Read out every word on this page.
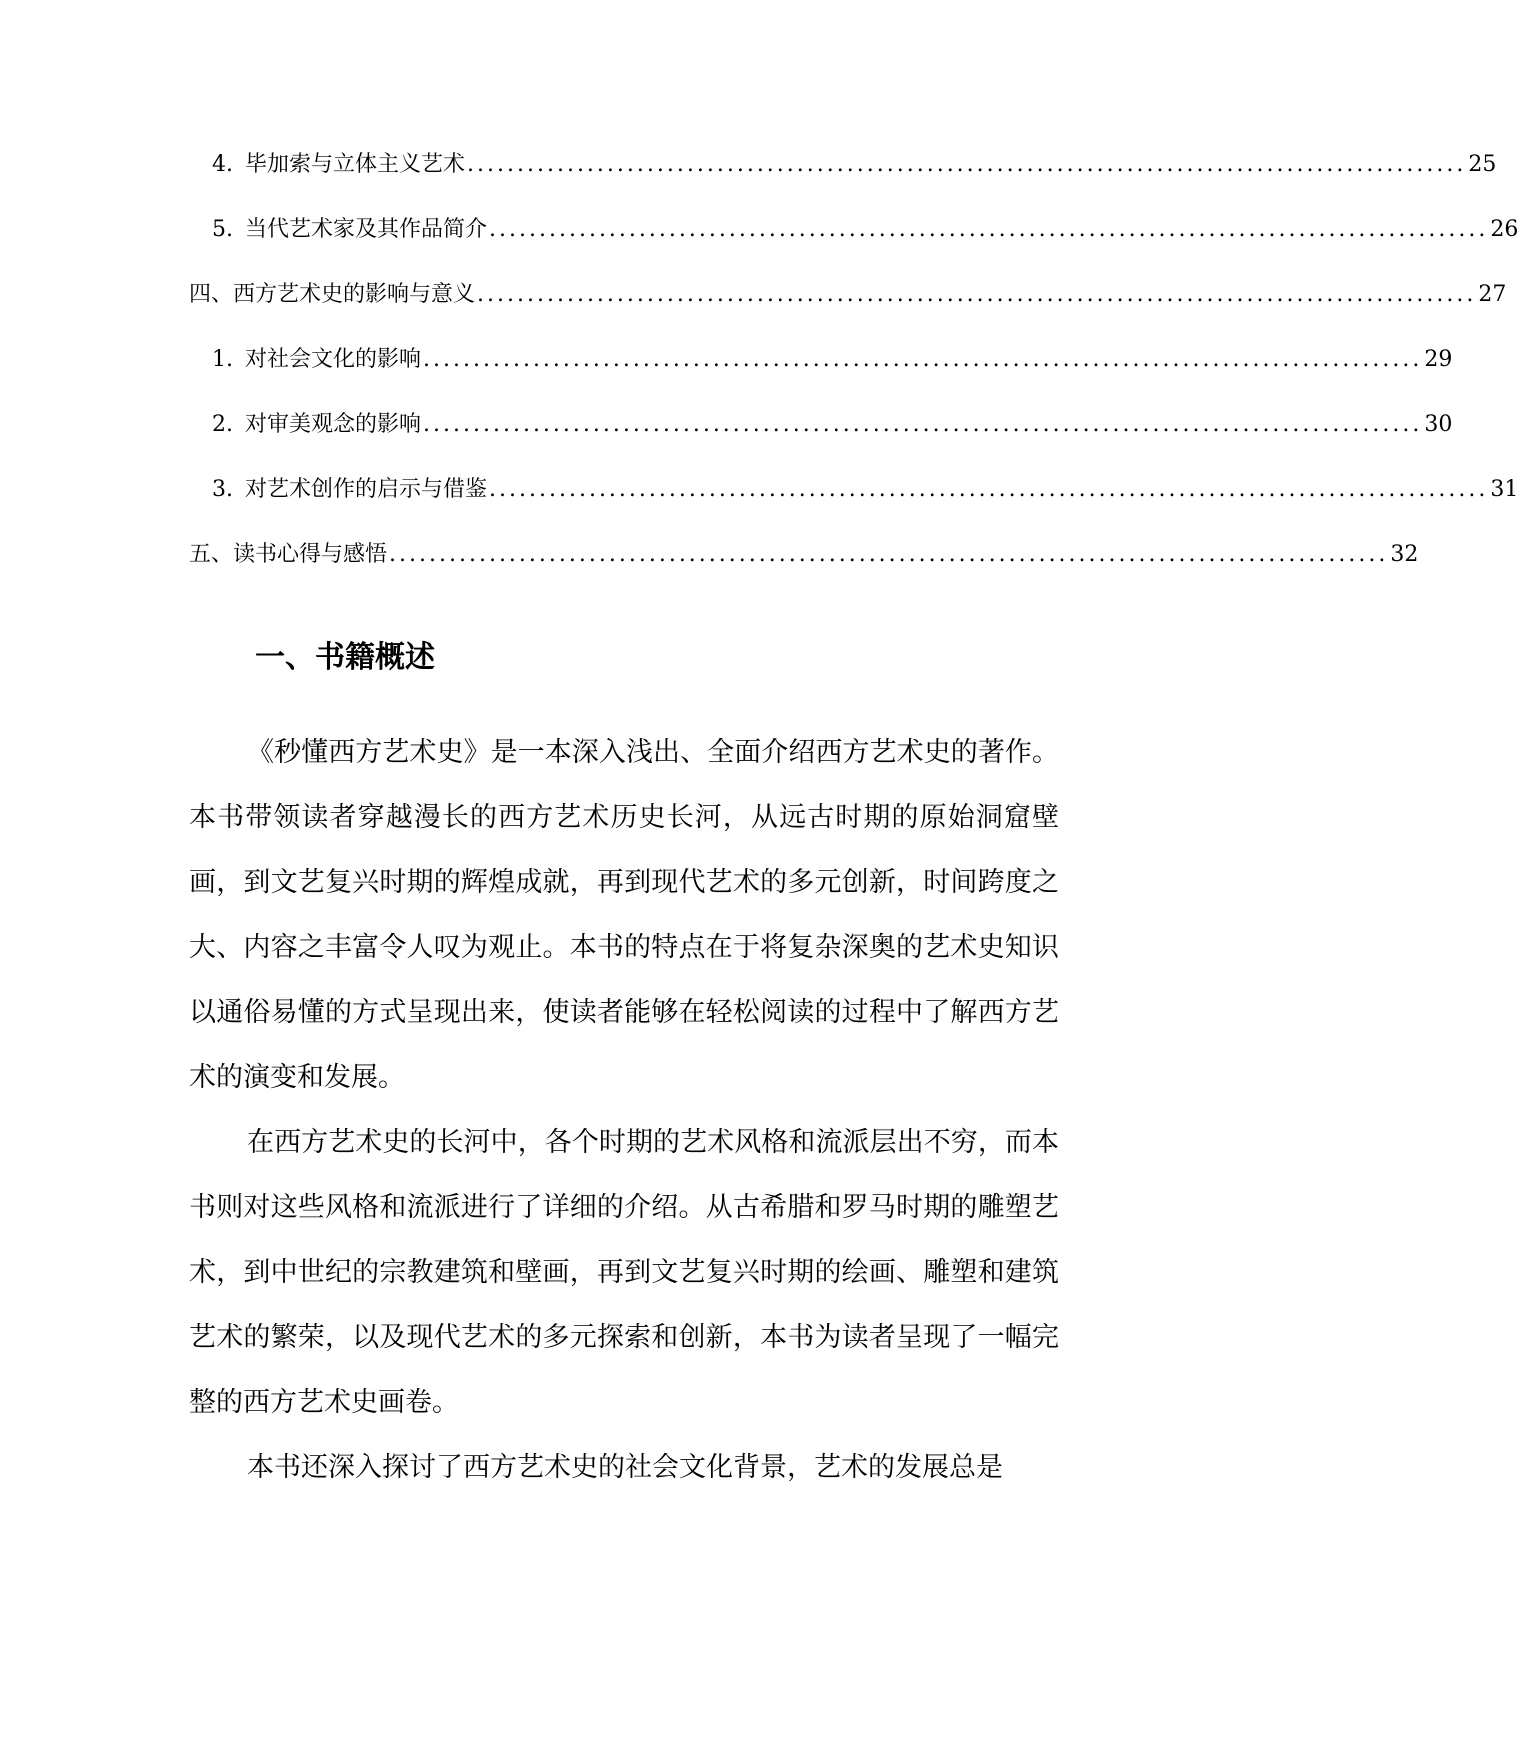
4. 毕加索与立体主义艺术 .................................................................................................... 25
5. 当代艺术家及其作品简介 .................................................................................................... 26
四、西方艺术史的影响与意义 .................................................................................................... 27
1. 对社会文化的影响 .................................................................................................... 29
2. 对审美观念的影响 .................................................................................................... 30
3. 对艺术创作的启示与借鉴 .................................................................................................... 31
五、读书心得与感悟 .................................................................................................... 32
一、书籍概述

《秒懂西方艺术史》是一本深入浅出、全面介绍西方艺术史的著作。本书带领读者穿越漫长的西方艺术历史长河，从远古时期的原始洞窟壁画，到文艺复兴时期的辉煌成就，再到现代艺术的多元创新，时间跨度之大、内容之丰富令人叹为观止。本书的特点在于将复杂深奥的艺术史知识以通俗易懂的方式呈现出来，使读者能够在轻松阅读的过程中了解西方艺术的演变和发展。

在西方艺术史的长河中，各个时期的艺术风格和流派层出不穷，而本书则对这些风格和流派进行了详细的介绍。从古希腊和罗马时期的雕塑艺术，到中世纪的宗教建筑和壁画，再到文艺复兴时期的绘画、雕塑和建筑艺术的繁荣，以及现代艺术的多元探索和创新，本书为读者呈现了一幅完整的西方艺术史画卷。

本书还深入探讨了西方艺术史的社会文化背景，艺术的发展总是
